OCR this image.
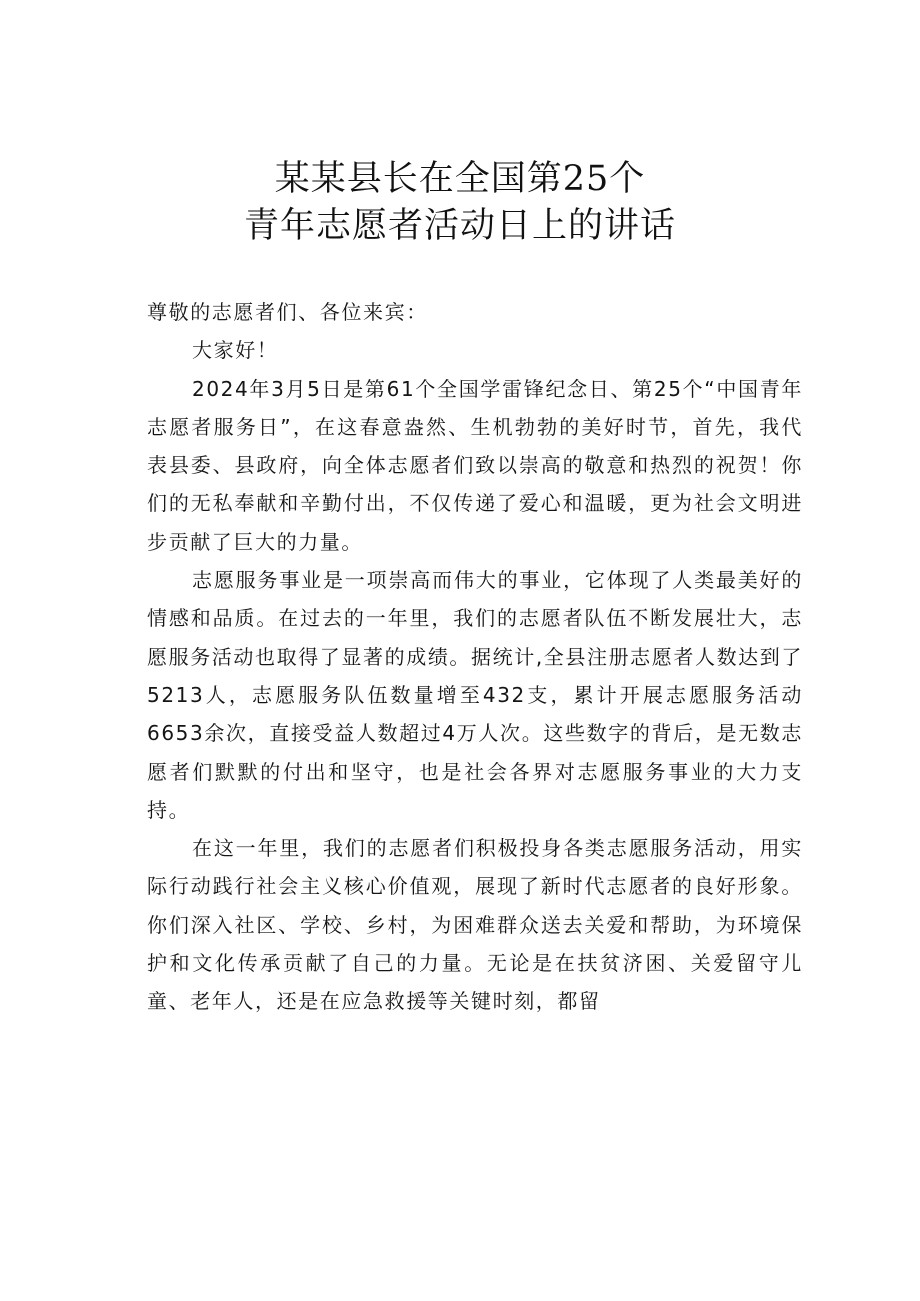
某某县长在全国第25个
青年志愿者活动日上的讲话

尊敬的志愿者们、各位来宾：

大家好！

2024年3月5日是第61个全国学雷锋纪念日、第25个“中国青年志愿者服务日”，在这春意盎然、生机勃勃的美好时节，首先，我代表县委、县政府，向全体志愿者们致以崇高的敬意和热烈的祝贺！你们的无私奉献和辛勤付出，不仅传递了爱心和温暖，更为社会文明进步贡献了巨大的力量。

志愿服务事业是一项崇高而伟大的事业，它体现了人类最美好的情感和品质。在过去的一年里，我们的志愿者队伍不断发展壮大，志愿服务活动也取得了显著的成绩。据统计,全县注册志愿者人数达到了5213人，志愿服务队伍数量增至432支，累计开展志愿服务活动6653余次，直接受益人数超过4万人次。这些数字的背后，是无数志愿者们默默的付出和坚守，也是社会各界对志愿服务事业的大力支持。

在这一年里，我们的志愿者们积极投身各类志愿服务活动，用实际行动践行社会主义核心价值观，展现了新时代志愿者的良好形象。你们深入社区、学校、乡村，为困难群众送去关爱和帮助，为环境保护和文化传承贡献了自己的力量。无论是在扶贫济困、关爱留守儿童、老年人，还是在应急救援等关键时刻，都留
